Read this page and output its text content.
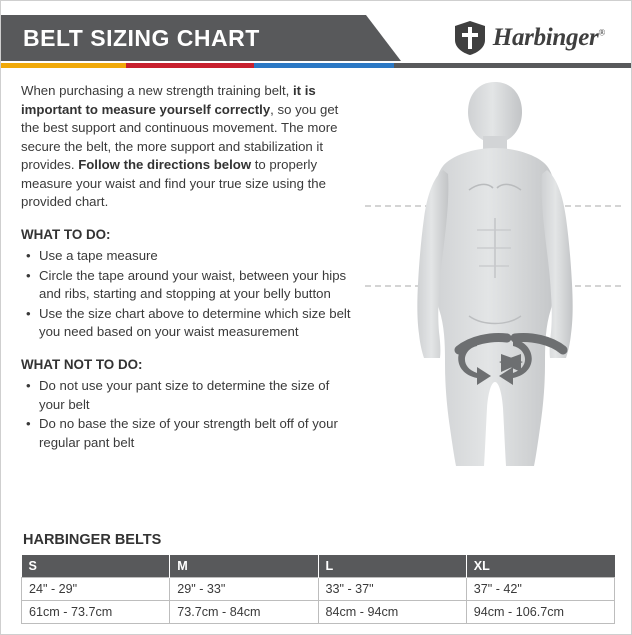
BELT SIZING CHART	Harbinger®

When purchasing a new strength training belt, it is important to measure yourself correctly, so you get the best support and continuous movement. The more secure the belt, the more support and stabilization it provides. Follow the directions below to properly measure your waist and find your true size using the provided chart.

WHAT TO DO:
• Use a tape measure
• Circle the tape around your waist, between your hips and ribs, starting and stopping at your belly button
• Use the size chart above to determine which size belt you need based on your waist measurement
WHAT NOT TO DO:
• Do not use your pant size to determine the size of your belt
• Do no base the size of your strength belt off of your regular pant belt
HARBINGER BELTS
S	M	L	XL
24" - 29"	29" - 33"	33" - 37"	37" - 42"
61cm - 73.7cm	73.7cm - 84cm	84cm - 94cm	94cm - 106.7cm
